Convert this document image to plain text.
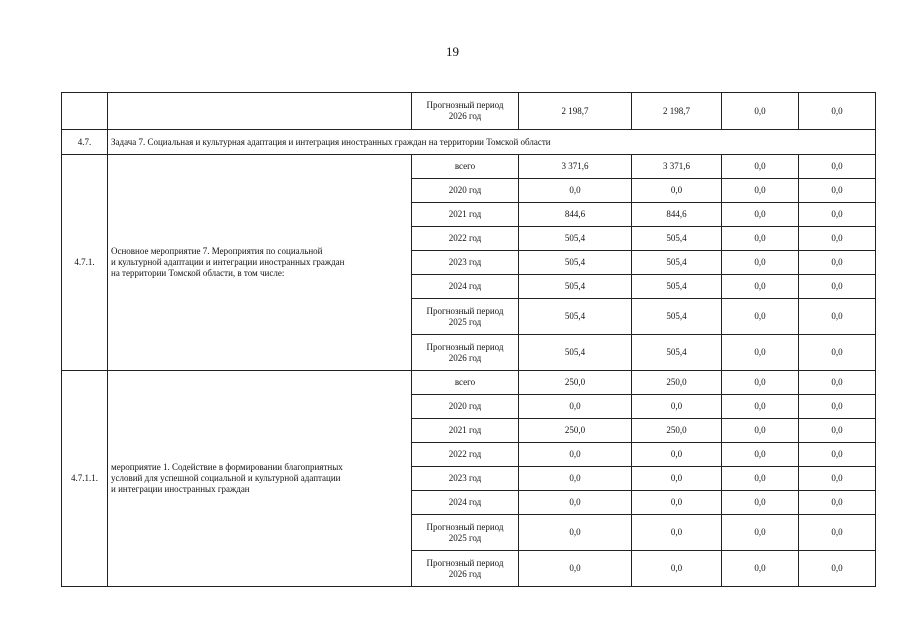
19
		Прогнозный период
2026 год	2 198,7	2 198,7	0,0	0,0
4.7.	Задача 7. Социальная и культурная адаптация и интеграция иностранных граждан на территории Томской области					
4.7.1.	Основное мероприятие 7. Мероприятия по социальной
и культурной адаптации и интеграции иностранных граждан
на территории Томской области, в том числе:	всего	3 371,6	3 371,6	0,0	0,0
		2020 год	0,0	0,0	0,0	0,0
		2021 год	844,6	844,6	0,0	0,0
		2022 год	505,4	505,4	0,0	0,0
		2023 год	505,4	505,4	0,0	0,0
		2024 год	505,4	505,4	0,0	0,0
		Прогнозный период
2025 год	505,4	505,4	0,0	0,0
		Прогнозный период
2026 год	505,4	505,4	0,0	0,0
4.7.1.1.	мероприятие 1. Содействие в формировании благоприятных
условий для успешной социальной и культурной адаптации
и интеграции иностранных граждан	всего	250,0	250,0	0,0	0,0
		2020 год	0,0	0,0	0,0	0,0
		2021 год	250,0	250,0	0,0	0,0
		2022 год	0,0	0,0	0,0	0,0
		2023 год	0,0	0,0	0,0	0,0
		2024 год	0,0	0,0	0,0	0,0
		Прогнозный период
2025 год	0,0	0,0	0,0	0,0
		Прогнозный период
2026 год	0,0	0,0	0,0	0,0
